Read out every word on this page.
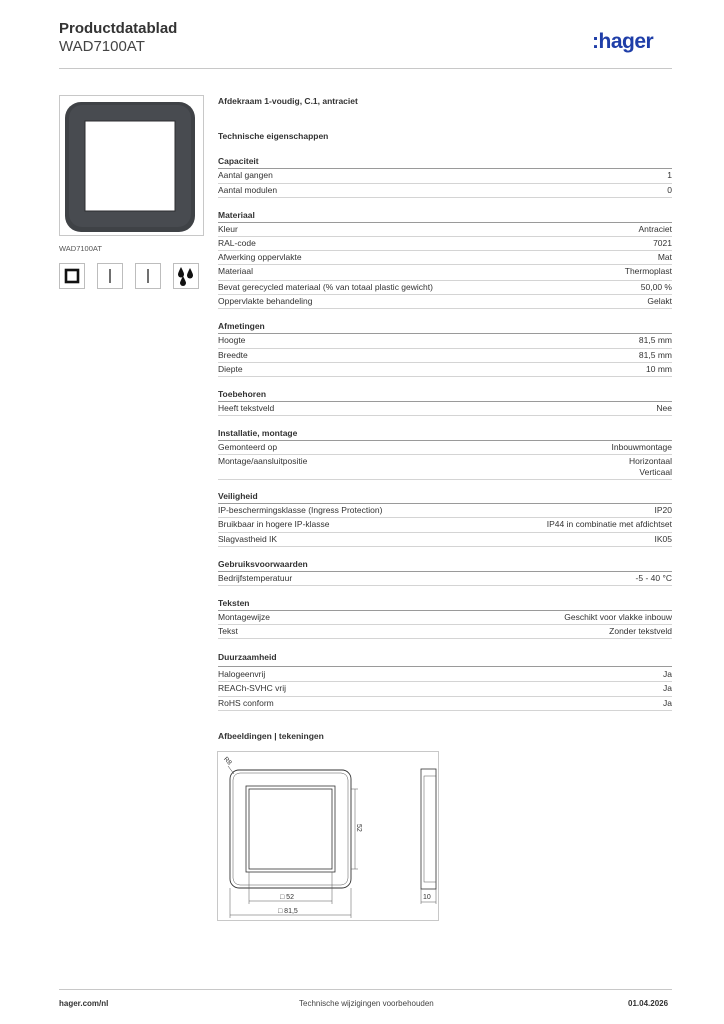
Productdatablad
WAD7100AT	:hager
WAD7100AT
Afdekraam 1-voudig, C.1, antraciet
Technische eigenschappen
Capaciteit
Aantal gangen	1
Aantal modulen	0
Materiaal
Kleur	Antraciet
RAL-code	7021
Afwerking oppervlakte	Mat
Materiaal	Thermoplast
Bevat gerecycled materiaal (% van totaal plastic gewicht)	50,00 %
Oppervlakte behandeling	Gelakt
Afmetingen
Hoogte	81,5 mm
Breedte	81,5 mm
Diepte	10 mm
Toebehoren
Heeft tekstveld	Nee
Installatie, montage
Gemonteerd op	Inbouwmontage
Montage/aansluitpositie	Horizontaal
Verticaal
Veiligheid
IP-beschermingsklasse (Ingress Protection)	IP20
Bruikbaar in hogere IP-klasse	IP44 in combinatie met afdichtset
Slagvastheid IK	IK05
Gebruiksvoorwaarden
Bedrijfstemperatuur	-5 - 40 °C
Teksten
Montagewijze	Geschikt voor vlakke inbouw
Tekst	Zonder tekstveld
Duurzaamheid
Halogeenvrij	Ja
REACh-SVHC vrij	Ja
RoHS conform	Ja
Afbeeldingen | tekeningen
R8
52
□ 52
□ 81,5
10
hager.com/nl	Technische wijzigingen voorbehouden	01.04.2026
